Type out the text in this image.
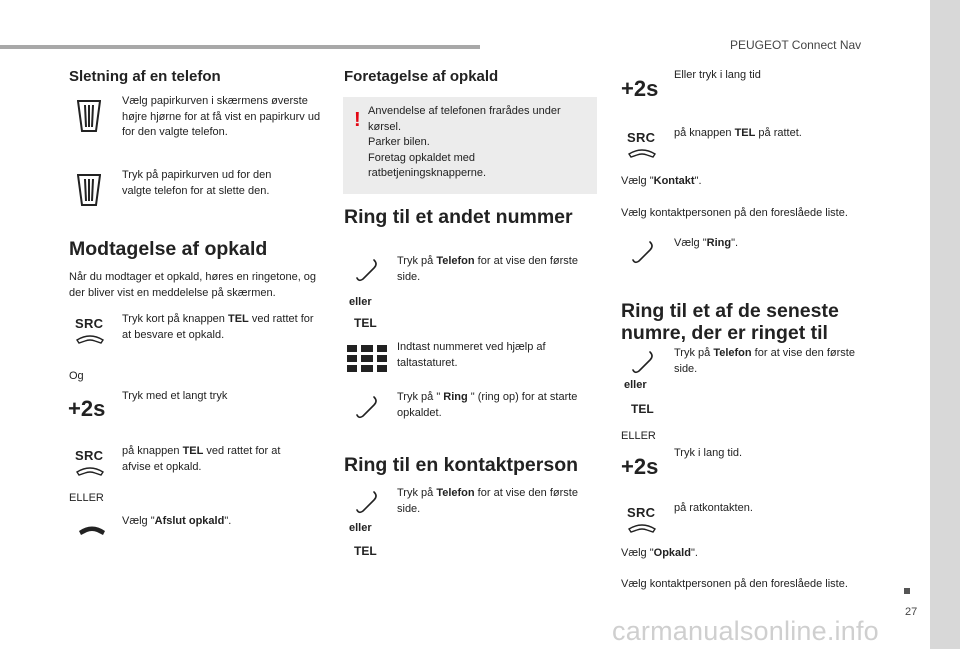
PEUGEOT Connect Nav
27
Sletning af en telefon
Vælg papirkurven i skærmens øverste højre hjørne for at få vist en papirkurv ud for den valgte telefon.
Tryk på papirkurven ud for den valgte telefon for at slette den.
Modtagelse af opkald
Når du modtager et opkald, høres en ringetone, og der bliver vist en meddelelse på skærmen.
SRC	Tryk kort på knappen TEL ved rattet for at besvare et opkald.
Og
+2s Tryk med et langt tryk
SRC	på knappen TEL ved rattet for at afvise et opkald.
ELLER
Vælg "Afslut opkald".
Foretagelse af opkald
! Anvendelse af telefonen frarådes under kørsel.
Parker bilen.
Foretag opkaldet med ratbetjeningsknapperne.
Ring til et andet nummer
eller
TEL
Tryk på Telefon for at vise den første side.
Indtast nummeret ved hjælp af taltastaturet.
Tryk på " Ring " (ring op) for at starte opkaldet.
Ring til en kontaktperson
eller
TEL
Tryk på Telefon for at vise den første side.
+2s
Eller tryk i lang tid
SRC	på knappen TEL på rattet.
Vælg "Kontakt".
Vælg kontaktpersonen på den foreslåede liste.
Vælg "Ring".
Ring til et af de seneste numre, der er ringet til
eller
TEL
Tryk på Telefon for at vise den første side.
ELLER
+2s
Tryk i lang tid.
SRC	på ratkontakten.
Vælg "Opkald".
Vælg kontaktpersonen på den foreslåede liste.
carmanualsonline.info
